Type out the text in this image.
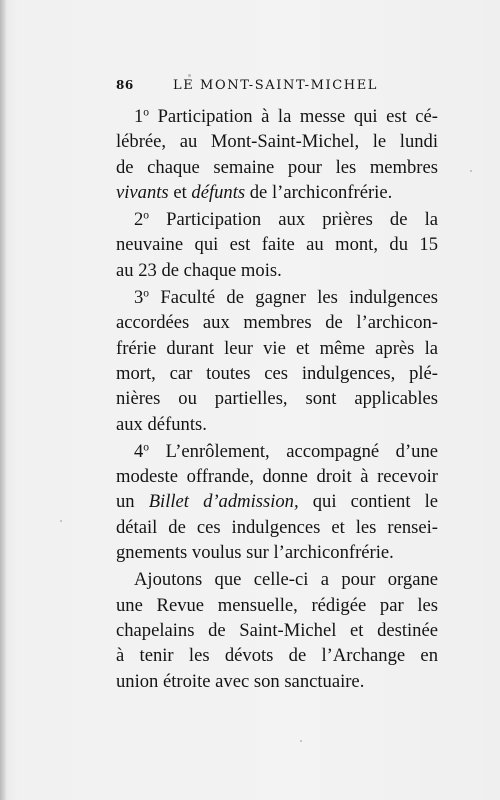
86	LE MONT-SAINT-MICHEL

1$^o$ Participation à la messe qui est cé-
lébrée, au Mont-Saint-Michel, le lundi
de chaque semaine pour les membres
vivants et défunts de l’archiconfrérie.

2$^o$ Participation aux prières de la
neuvaine qui est faite au mont, du 15
au 23 de chaque mois.

3$^o$ Faculté de gagner les indulgences
accordées aux membres de l’archicon-
frérie durant leur vie et même après la
mort, car toutes ces indulgences, plé-
nières ou partielles, sont applicables
aux défunts.

4$^o$ L’enrôlement, accompagné d’une
modeste offrande, donne droit à recevoir
un Billet d’admission, qui contient le
détail de ces indulgences et les rensei-
gnements voulus sur l’archiconfrérie.

Ajoutons que celle-ci a pour organe
une Revue mensuelle, rédigée par les
chapelains de Saint-Michel et destinée
à tenir les dévots de l’Archange en
union étroite avec son sanctuaire.
